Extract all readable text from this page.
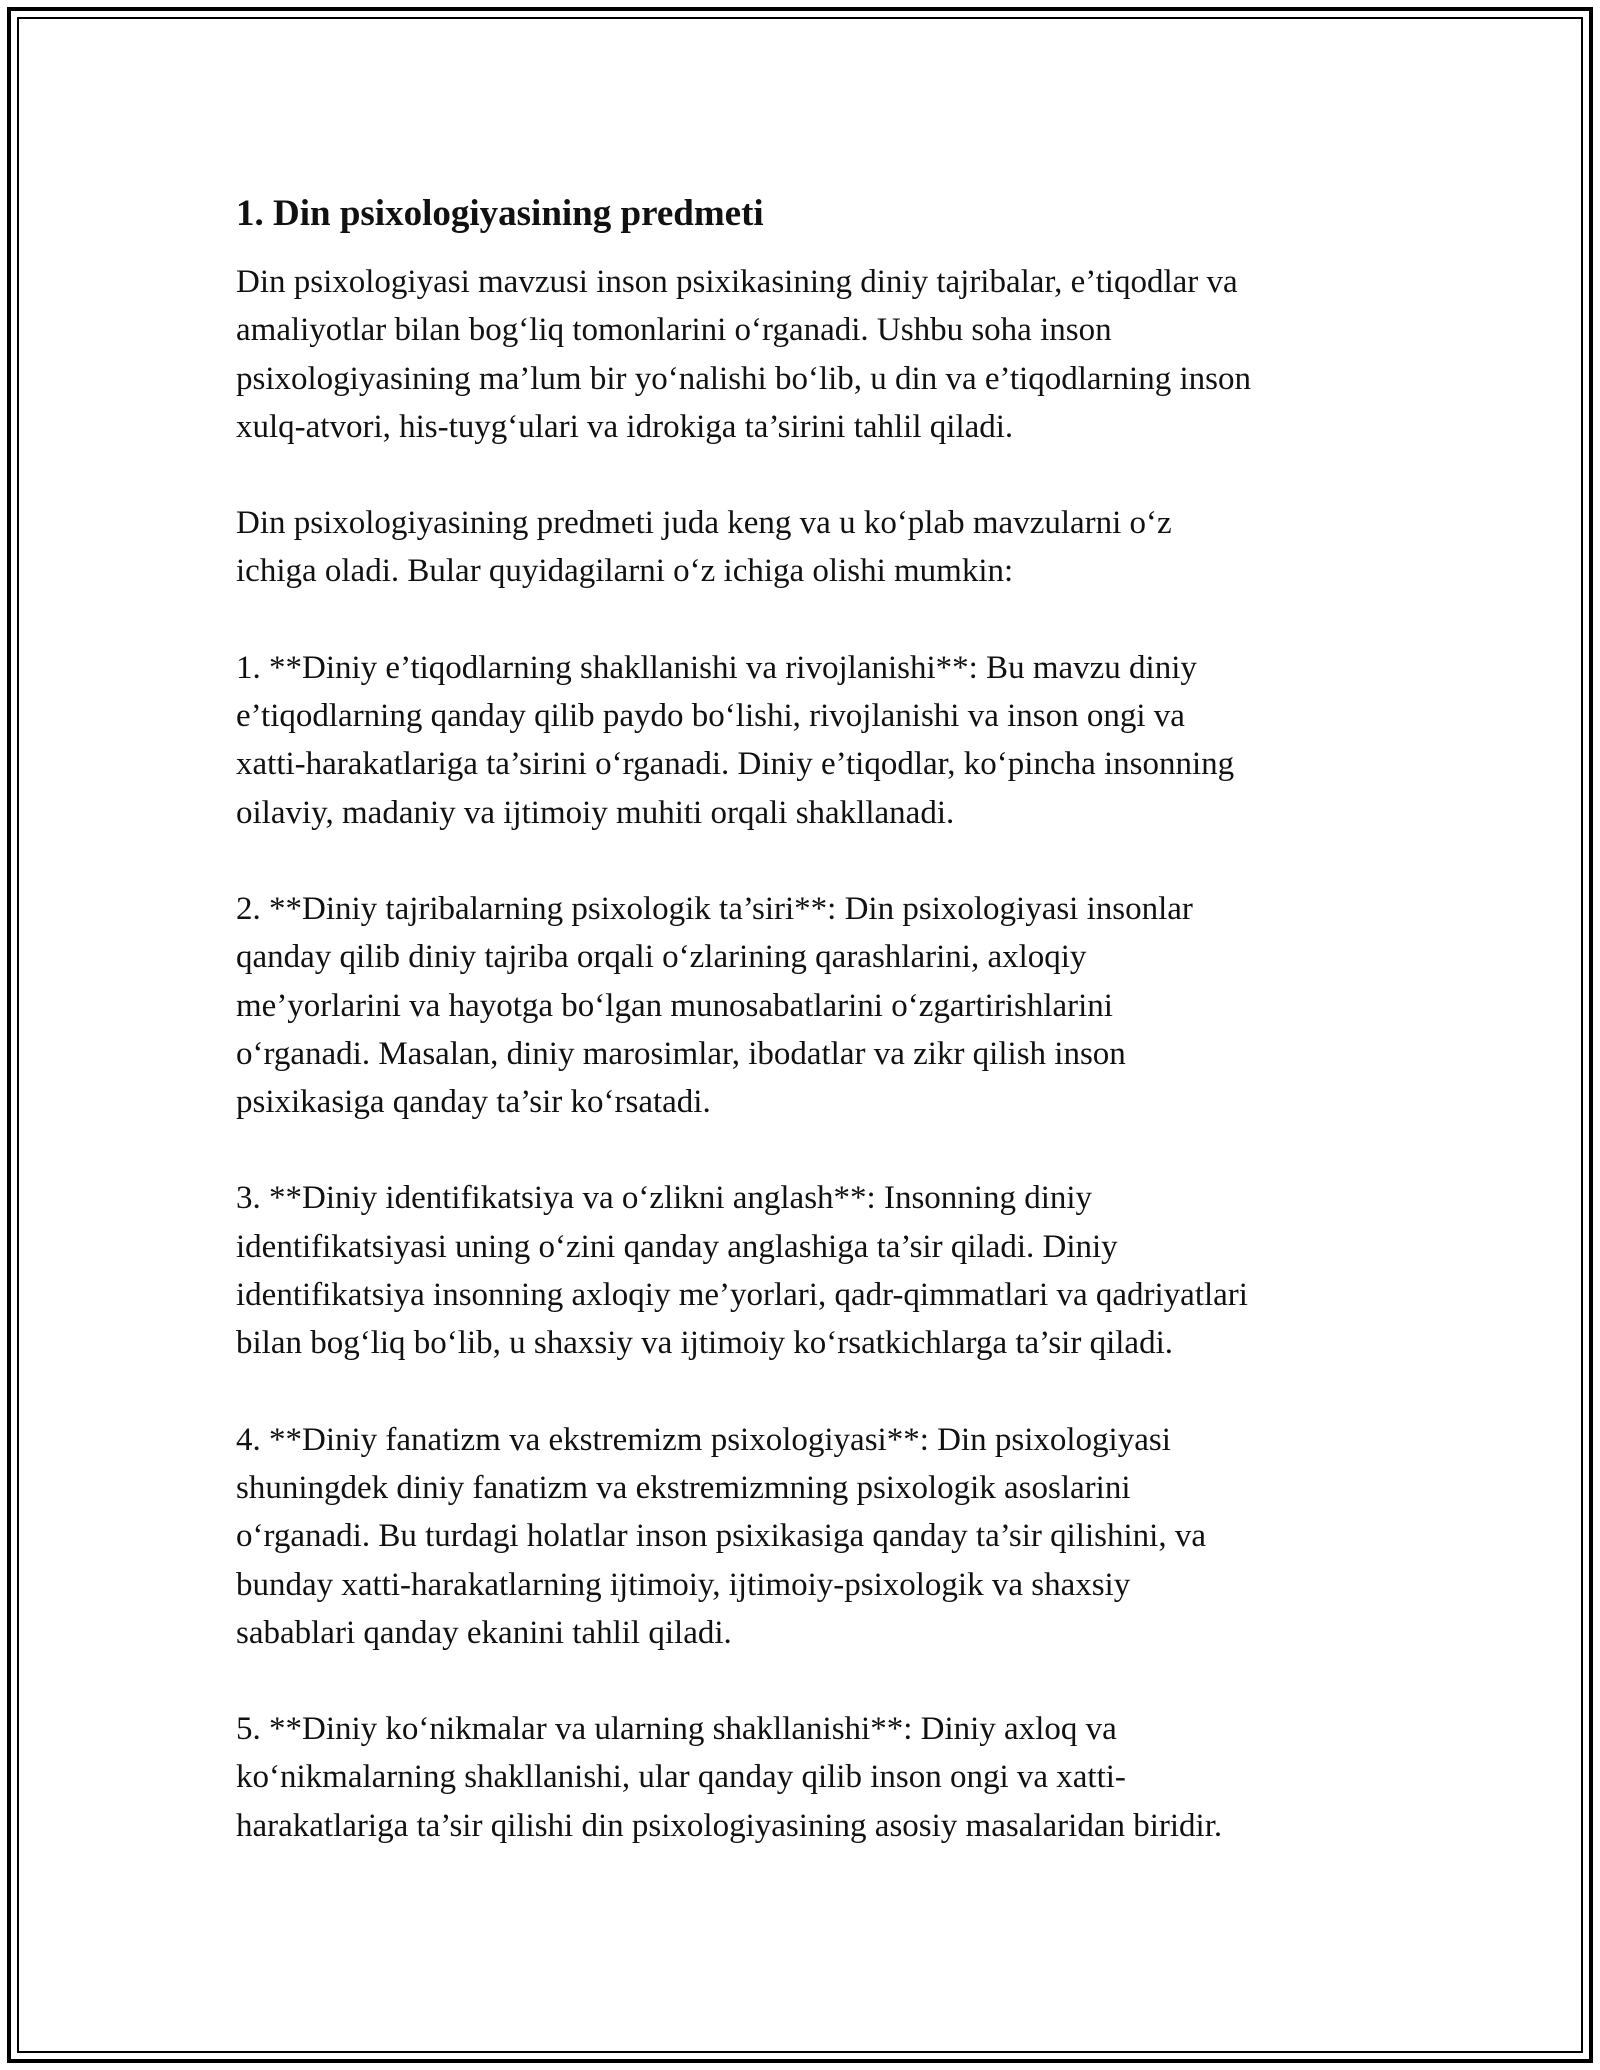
1. Din psixologiyasining predmeti

Din psixologiyasi mavzusi inson psixikasining diniy tajribalar, e’tiqodlar va
amaliyotlar bilan bog‘liq tomonlarini o‘rganadi. Ushbu soha inson
psixologiyasining ma’lum bir yo‘nalishi bo‘lib, u din va e’tiqodlarning inson
xulq-atvori, his-tuyg‘ulari va idrokiga ta’sirini tahlil qiladi.

Din psixologiyasining predmeti juda keng va u ko‘plab mavzularni o‘z
ichiga oladi. Bular quyidagilarni o‘z ichiga olishi mumkin:

1. **Diniy e’tiqodlarning shakllanishi va rivojlanishi**: Bu mavzu diniy
e’tiqodlarning qanday qilib paydo bo‘lishi, rivojlanishi va inson ongi va
xatti-harakatlariga ta’sirini o‘rganadi. Diniy e’tiqodlar, ko‘pincha insonning
oilaviy, madaniy va ijtimoiy muhiti orqali shakllanadi.

2. **Diniy tajribalarning psixologik ta’siri**: Din psixologiyasi insonlar
qanday qilib diniy tajriba orqali o‘zlarining qarashlarini, axloqiy
me’yorlarini va hayotga bo‘lgan munosabatlarini o‘zgartirishlarini
o‘rganadi. Masalan, diniy marosimlar, ibodatlar va zikr qilish inson
psixikasiga qanday ta’sir ko‘rsatadi.

3. **Diniy identifikatsiya va o‘zlikni anglash**: Insonning diniy
identifikatsiyasi uning o‘zini qanday anglashiga ta’sir qiladi. Diniy
identifikatsiya insonning axloqiy me’yorlari, qadr-qimmatlari va qadriyatlari
bilan bog‘liq bo‘lib, u shaxsiy va ijtimoiy ko‘rsatkichlarga ta’sir qiladi.

4. **Diniy fanatizm va ekstremizm psixologiyasi**: Din psixologiyasi
shuningdek diniy fanatizm va ekstremizmning psixologik asoslarini
o‘rganadi. Bu turdagi holatlar inson psixikasiga qanday ta’sir qilishini, va
bunday xatti-harakatlarning ijtimoiy, ijtimoiy-psixologik va shaxsiy
sabablari qanday ekanini tahlil qiladi.

5. **Diniy ko‘nikmalar va ularning shakllanishi**: Diniy axloq va
ko‘nikmalarning shakllanishi, ular qanday qilib inson ongi va xatti-
harakatlariga ta’sir qilishi din psixologiyasining asosiy masalaridan biridir.
